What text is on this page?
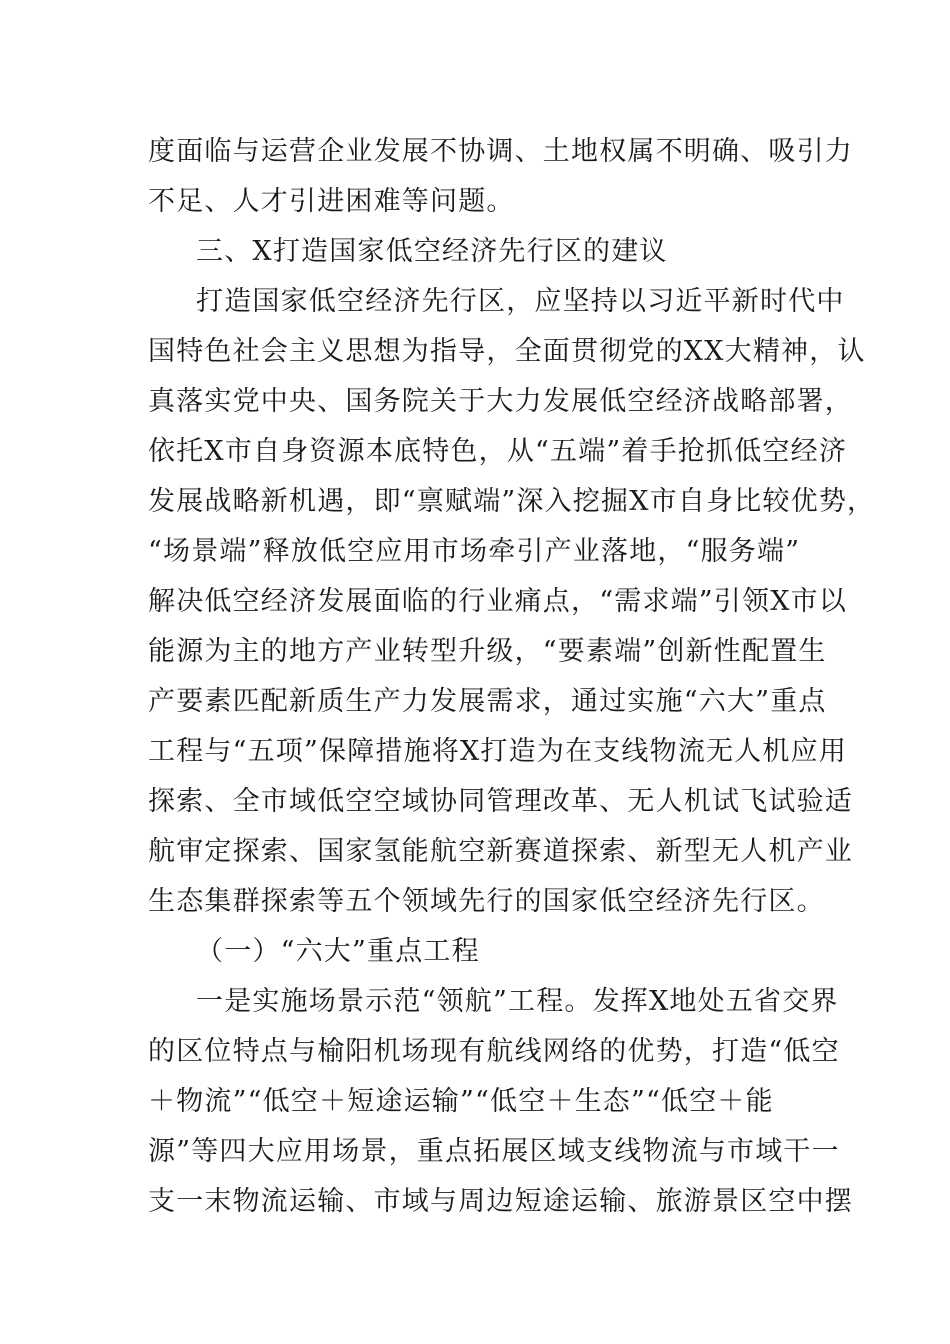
度面临与运营企业发展不协调、土地权属不明确、吸引力
不足、人才引进困难等问题。
三、X打造国家低空经济先行区的建议
打造国家低空经济先行区，应坚持以习近平新时代中
国特色社会主义思想为指导，全面贯彻党的XX大精神，认
真落实党中央、国务院关于大力发展低空经济战略部署，
依托X市自身资源本底特色，从“五端”着手抢抓低空经济
发展战略新机遇，即“禀赋端”深入挖掘X市自身比较优势，
“场景端”释放低空应用市场牵引产业落地，“服务端”
解决低空经济发展面临的行业痛点，“需求端”引领X市以
能源为主的地方产业转型升级，“要素端”创新性配置生
产要素匹配新质生产力发展需求，通过实施“六大”重点
工程与“五项”保障措施将X打造为在支线物流无人机应用
探索、全市域低空空域协同管理改革、无人机试飞试验适
航审定探索、国家氢能航空新赛道探索、新型无人机产业
生态集群探索等五个领域先行的国家低空经济先行区。
（一）“六大”重点工程
一是实施场景示范“领航”工程。发挥X地处五省交界
的区位特点与榆阳机场现有航线网络的优势，打造“低空
＋物流”“低空＋短途运输”“低空＋生态”“低空＋能
源”等四大应用场景，重点拓展区域支线物流与市域干一
支一末物流运输、市域与周边短途运输、旅游景区空中摆
